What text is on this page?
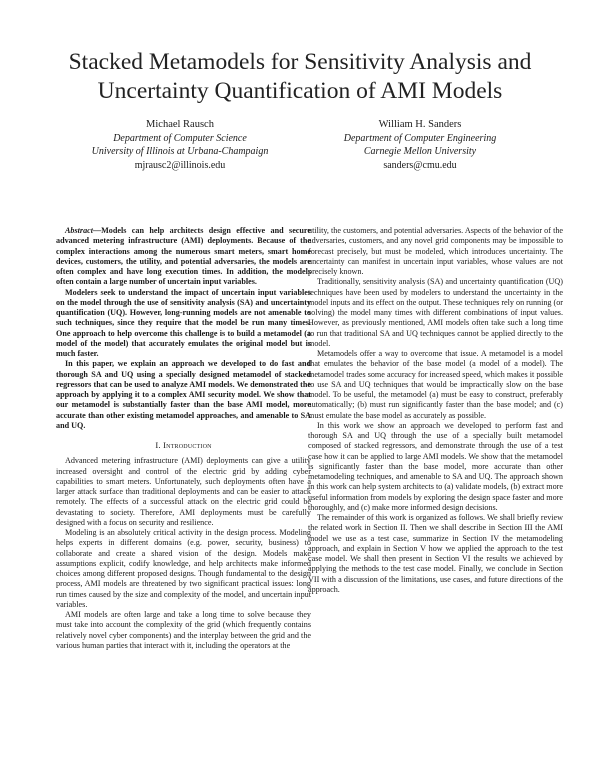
Stacked Metamodels for Sensitivity Analysis and
Uncertainty Quantification of AMI Models
Michael Rausch
Department of Computer Science
University of Illinois at Urbana-Champaign
mjrausc2@illinois.edu
William H. Sanders
Department of Computer Engineering
Carnegie Mellon University
sanders@cmu.edu

Abstract—Models can help architects design effective and secure advanced metering infrastructure (AMI) deployments. Because of the complex interactions among the numerous smart meters, smart home devices, customers, the utility, and potential adversaries, the models are often complex and have long execution times. In addition, the models often contain a large number of uncertain input variables.

Modelers seek to understand the impact of uncertain input variables on the model through the use of sensitivity analysis (SA) and uncertainty quantification (UQ). However, long-running models are not amenable to such techniques, since they require that the model be run many times. One approach to help overcome this challenge is to build a metamodel (a model of the model) that accurately emulates the original model but is much faster.

In this paper, we explain an approach we developed to do fast and thorough SA and UQ using a specially designed metamodel of stacked regressors that can be used to analyze AMI models. We demonstrated the approach by applying it to a complex AMI security model. We show that our metamodel is substantially faster than the base AMI model, more accurate than other existing metamodel approaches, and amenable to SA and UQ.

I. Introduction

Advanced metering infrastructure (AMI) deployments can give a utility increased oversight and control of the electric grid by adding cyber capabilities to smart meters. Unfortunately, such deployments often have a larger attack surface than traditional deployments and can be easier to attack remotely. The effects of a successful attack on the electric grid could be devastating to society. Therefore, AMI deployments must be carefully designed with a focus on security and resilience.

Modeling is an absolutely critical activity in the design process. Modeling helps experts in different domains (e.g. power, security, business) to collaborate and create a shared vision of the design. Models make assumptions explicit, codify knowledge, and help architects make informed choices among different proposed designs. Though fundamental to the design process, AMI models are threatened by two significant practical issues: long run times caused by the size and complexity of the model, and uncertain input variables.

AMI models are often large and take a long time to solve because they must take into account the complexity of the grid (which frequently contains relatively novel cyber components) and the interplay between the grid and the various human parties that interact with it, including the operators at the

utility, the customers, and potential adversaries. Aspects of the behavior of the adversaries, customers, and any novel grid components may be impossible to forecast precisely, but must be modeled, which introduces uncertainty. The uncertainty can manifest in uncertain input variables, whose values are not precisely known.

Traditionally, sensitivity analysis (SA) and uncertainty quantification (UQ) techniques have been used by modelers to understand the uncertainty in the model inputs and its effect on the output. These techniques rely on running (or solving) the model many times with different combinations of input values. However, as previously mentioned, AMI models often take such a long time to run that traditional SA and UQ techniques cannot be applied directly to the model.

Metamodels offer a way to overcome that issue. A metamodel is a model that emulates the behavior of the base model (a model of a model). The metamodel trades some accuracy for increased speed, which makes it possible to use SA and UQ techniques that would be impractically slow on the base model. To be useful, the metamodel (a) must be easy to construct, preferably automatically; (b) must run significantly faster than the base model; and (c) must emulate the base model as accurately as possible.

In this work we show an approach we developed to perform fast and thorough SA and UQ through the use of a specially built metamodel composed of stacked regressors, and demonstrate through the use of a test case how it can be applied to large AMI models. We show that the metamodel is significantly faster than the base model, more accurate than other metamodeling techniques, and amenable to SA and UQ. The approach shown in this work can help system architects to (a) validate models, (b) extract more useful information from models by exploring the design space faster and more thoroughly, and (c) make more informed design decisions.

The remainder of this work is organized as follows. We shall briefly review the related work in Section II. Then we shall describe in Section III the AMI model we use as a test case, summarize in Section IV the metamodeling approach, and explain in Section V how we applied the approach to the test case model. We shall then present in Section VI the results we achieved by applying the methods to the test case model. Finally, we conclude in Section VII with a discussion of the limitations, use cases, and future directions of the approach.
